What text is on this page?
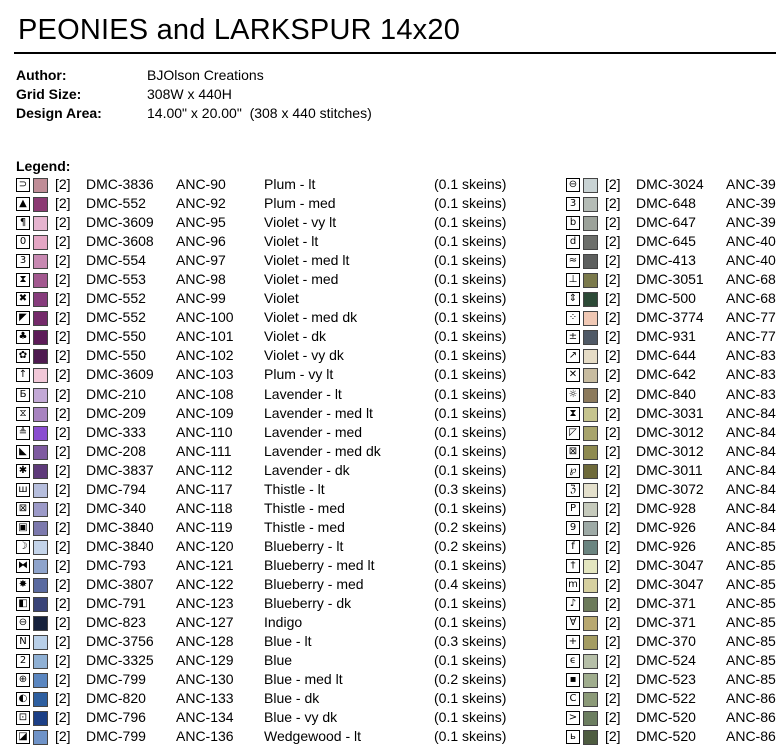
PEONIES and LARKSPUR 14x20
Author:	BJOlson Creations
Grid Size:	308W x 440H
Design Area:	14.00" x 20.00"  (308 x 440 stitches)
Legend:
⊃ [2] DMC-3836 ANC-90	Plum - lt	(0.1 skeins)
▲ [2] DMC-552 ANC-92	Plum - med	(0.1 skeins)
¶ [2] DMC-3609 ANC-95	Violet - vy lt	(0.1 skeins)
0 [2] DMC-3608 ANC-96	Violet - lt	(0.1 skeins)
3 [2] DMC-554 ANC-97	Violet - med lt	(0.1 skeins)
⧗ [2] DMC-553 ANC-98	Violet - med	(0.1 skeins)
✖ [2] DMC-552 ANC-99	Violet	(0.1 skeins)
◤ [2] DMC-552 ANC-100 Violet - med dk	(0.1 skeins)
♣ [2] DMC-550 ANC-101 Violet - dk	(0.1 skeins)
✿ [2] DMC-550 ANC-102 Violet - vy dk	(0.1 skeins)
↑ [2] DMC-3609 ANC-103 Plum - vy lt	(0.1 skeins)
Б [2] DMC-210 ANC-108 Lavender - lt	(0.1 skeins)
⧖ [2] DMC-209 ANC-109 Lavender - med lt	(0.1 skeins)
≜ [2] DMC-333 ANC-110 Lavender - med	(0.1 skeins)
◣ [2] DMC-208 ANC-111 Lavender - med dk	(0.1 skeins)
✱ [2] DMC-3837 ANC-112 Lavender - dk	(0.1 skeins)
ш [2] DMC-794 ANC-117 Thistle - lt	(0.3 skeins)
⊠ [2] DMC-340 ANC-118 Thistle - med	(0.1 skeins)
▣ [2] DMC-3840 ANC-119 Thistle - med	(0.2 skeins)
☽ [2] DMC-3840 ANC-120 Blueberry - lt	(0.2 skeins)
⧓ [2] DMC-793 ANC-121 Blueberry - med lt	(0.1 skeins)
✸ [2] DMC-3807 ANC-122 Blueberry - med	(0.4 skeins)
◧ [2] DMC-791 ANC-123 Blueberry - dk	(0.1 skeins)
⊖ [2] DMC-823 ANC-127 Indigo	(0.1 skeins)
N [2] DMC-3756 ANC-128 Blue - lt	(0.3 skeins)
2 [2] DMC-3325 ANC-129 Blue	(0.1 skeins)
⊕ [2] DMC-799 ANC-130 Blue - med lt	(0.2 skeins)
◐ [2] DMC-820 ANC-133 Blue - dk	(0.1 skeins)
⊡ [2] DMC-796 ANC-134 Blue - vy dk	(0.1 skeins)
◪ [2] DMC-799 ANC-136 Wedgewood - lt	(0.1 skeins)
⊖ [2] DMC-3024 ANC-39
3 [2] DMC-648 ANC-39
b [2] DMC-647 ANC-39
d [2] DMC-645 ANC-40
≈ [2] DMC-413 ANC-40
⊥ [2] DMC-3051 ANC-68
⇕ [2] DMC-500 ANC-68
⁘ [2] DMC-3774 ANC-77
± [2] DMC-931 ANC-77
↗ [2] DMC-644 ANC-83
✕ [2] DMC-642 ANC-83
☼ [2] DMC-840 ANC-83
⧗ [2] DMC-3031 ANC-84
◸ [2] DMC-3012 ANC-84
⊠ [2] DMC-3012 ANC-84
℘ [2] DMC-3011 ANC-84
ℨ [2] DMC-3072 ANC-84
P [2] DMC-928 ANC-84
9 [2] DMC-926 ANC-84
f	[2] DMC-926 ANC-85
†	[2] DMC-3047 ANC-85
m [2] DMC-3047 ANC-85
♪ [2] DMC-371 ANC-85
∀ [2] DMC-371 ANC-85
+ [2] DMC-370 ANC-85
ϵ [2] DMC-524 ANC-85
▪ [2] DMC-523 ANC-85
C [2] DMC-522 ANC-86
> [2] DMC-520 ANC-86
ь [2] DMC-520 ANC-86
